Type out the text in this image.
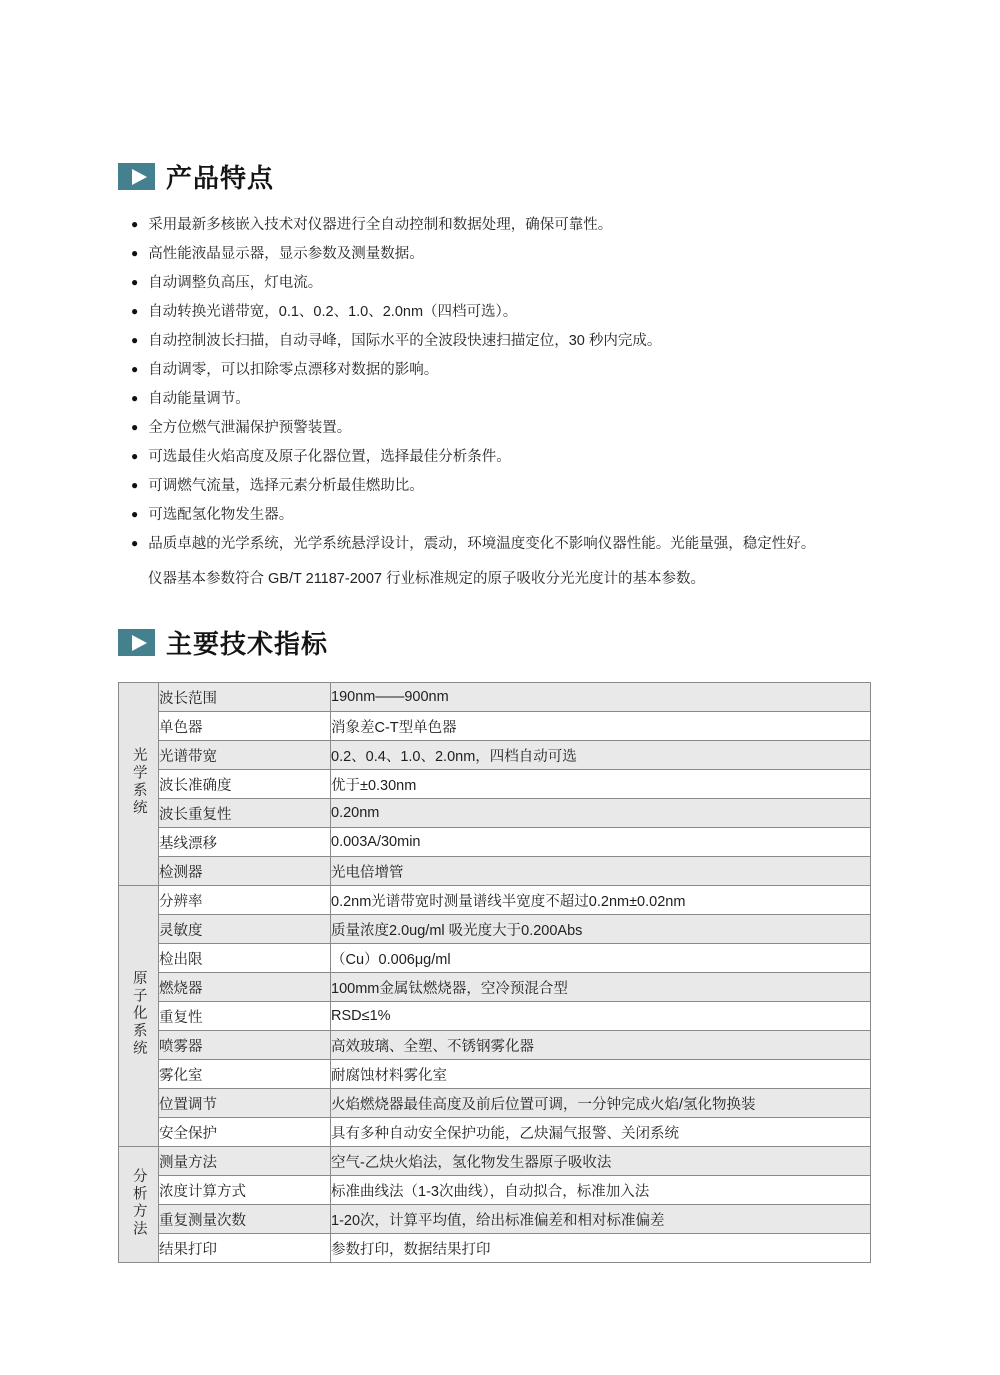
产品特点
● 采用最新多核嵌入技术对仪器进行全自动控制和数据处理，确保可靠性。
● 高性能液晶显示器，显示参数及测量数据。
● 自动调整负高压，灯电流。
● 自动转换光谱带宽，0.1、0.2、1.0、2.0nm（四档可选）。
● 自动控制波长扫描，自动寻峰，国际水平的全波段快速扫描定位，30 秒内完成。
● 自动调零，可以扣除零点漂移对数据的影响。
● 自动能量调节。
● 全方位燃气泄漏保护预警装置。
● 可选最佳火焰高度及原子化器位置，选择最佳分析条件。
● 可调燃气流量，选择元素分析最佳燃助比。
● 可选配氢化物发生器。
● 品质卓越的光学系统，光学系统悬浮设计，震动，环境温度变化不影响仪器性能。光能量强，稳定性好。

仪器基本参数符合 GB/T 21187-2007 行业标准规定的原子吸收分光光度计的基本参数。

主要技术指标
光学系统	波长范围	190nm——900nm
	单色器	消象差C-T型单色器
	光谱带宽	0.2、0.4、1.0、2.0nm，四档自动可选
	波长准确度	优于±0.30nm
	波长重复性	0.20nm
	基线漂移	0.003A/30min
	检测器	光电倍增管
原子化系统	分辨率	0.2nm光谱带宽时测量谱线半宽度不超过0.2nm±0.02nm
	灵敏度	质量浓度2.0ug/ml 吸光度大于0.200Abs
	检出限	（Cu）0.006μg/ml
	燃烧器	100mm金属钛燃烧器，空冷预混合型
	重复性	RSD≤1%
	喷雾器	高效玻璃、全塑、不锈钢雾化器
	雾化室	耐腐蚀材料雾化室
	位置调节	火焰燃烧器最佳高度及前后位置可调，一分钟完成火焰/氢化物换装
	安全保护	具有多种自动安全保护功能，乙炔漏气报警、关闭系统
分析方法	测量方法	空气-乙炔火焰法，氢化物发生器原子吸收法
	浓度计算方式	标准曲线法（1-3次曲线），自动拟合，标准加入法
	重复测量次数	1-20次，计算平均值，给出标准偏差和相对标准偏差
	结果打印	参数打印，数据结果打印
